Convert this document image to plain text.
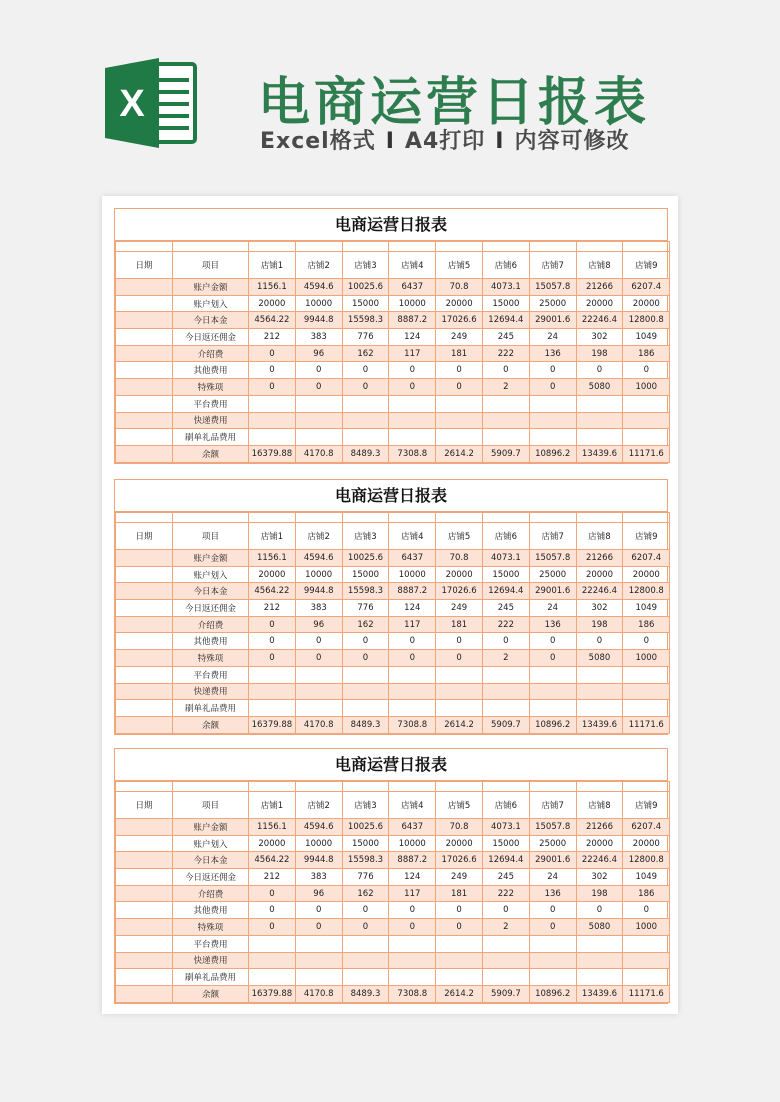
X 电商运营日报表
Excel格式 I A4打印 I 内容可修改
电商运营日报表

日期	项目	店铺1	店铺2	店铺3	店铺4	店铺5	店铺6	店铺7	店铺8	店铺9
	账户金额	1156.1	4594.6	10025.6	6437	70.8	4073.1	15057.8	21266	6207.4
	账户划入	20000	10000	15000	10000	20000	15000	25000	20000	20000
	今日本金	4564.22	9944.8	15598.3	8887.2	17026.6	12694.4	29001.6	22246.4	12800.8
	今日返还佣金	212	383	776	124	249	245	24	302	1049
	介绍费	0	96	162	117	181	222	136	198	186
	其他费用	0	0	0	0	0	0	0	0	0
	特殊项	0	0	0	0	0	2	0	5080	1000
	平台费用									
	快递费用									
	刷单礼品费用									
	余额	16379.88	4170.8	8489.3	7308.8	2614.2	5909.7	10896.2	13439.6	11171.6
电商运营日报表

日期	项目	店铺1	店铺2	店铺3	店铺4	店铺5	店铺6	店铺7	店铺8	店铺9
	账户金额	1156.1	4594.6	10025.6	6437	70.8	4073.1	15057.8	21266	6207.4
	账户划入	20000	10000	15000	10000	20000	15000	25000	20000	20000
	今日本金	4564.22	9944.8	15598.3	8887.2	17026.6	12694.4	29001.6	22246.4	12800.8
	今日返还佣金	212	383	776	124	249	245	24	302	1049
	介绍费	0	96	162	117	181	222	136	198	186
	其他费用	0	0	0	0	0	0	0	0	0
	特殊项	0	0	0	0	0	2	0	5080	1000
	平台费用									
	快递费用									
	刷单礼品费用									
	余额	16379.88	4170.8	8489.3	7308.8	2614.2	5909.7	10896.2	13439.6	11171.6
电商运营日报表

日期	项目	店铺1	店铺2	店铺3	店铺4	店铺5	店铺6	店铺7	店铺8	店铺9
	账户金额	1156.1	4594.6	10025.6	6437	70.8	4073.1	15057.8	21266	6207.4
	账户划入	20000	10000	15000	10000	20000	15000	25000	20000	20000
	今日本金	4564.22	9944.8	15598.3	8887.2	17026.6	12694.4	29001.6	22246.4	12800.8
	今日返还佣金	212	383	776	124	249	245	24	302	1049
	介绍费	0	96	162	117	181	222	136	198	186
	其他费用	0	0	0	0	0	0	0	0	0
	特殊项	0	0	0	0	0	2	0	5080	1000
	平台费用									
	快递费用									
	刷单礼品费用									
	余额	16379.88	4170.8	8489.3	7308.8	2614.2	5909.7	10896.2	13439.6	11171.6
